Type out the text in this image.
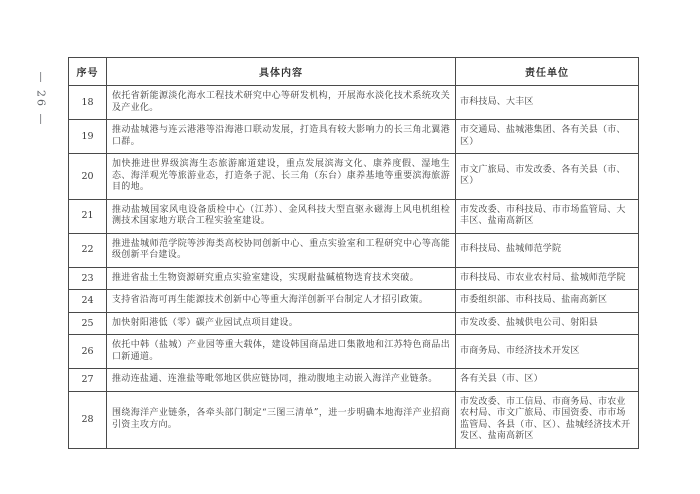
— 26 —	序号	具体内容	责任单位
18	依托省新能源淡化海水工程技术研究中心等研发机构，开展海水淡化技术系统攻关及产业化。	市科技局、大丰区
19	推动盐城港与连云港港等沿海港口联动发展，打造具有较大影响力的长三角北翼港口群。	市交通局、盐城港集团、各有关县（市、区）
20	加快推进世界级滨海生态旅游廊道建设，重点发展滨海文化、康养度假、湿地生态、海洋观光等旅游业态，打造条子泥、长三角（东台）康养基地等重要滨海旅游目的地。	市文广旅局、市发改委、各有关县（市、区）
21	推动盐城国家风电设备质检中心（江苏）、金风科技大型直驱永磁海上风电机组检测技术国家地方联合工程实验室建设。	市发改委、市科技局、市市场监管局、大丰区、盐南高新区
22	推进盐城师范学院等涉海类高校协同创新中心、重点实验室和工程研究中心等高能级创新平台建设。	市科技局、盐城师范学院
23	推进省盐土生物资源研究重点实验室建设，实现耐盐碱植物选育技术突破。	市科技局、市农业农村局、盐城师范学院
24	支持省沿海可再生能源技术创新中心等重大海洋创新平台制定人才招引政策。	市委组织部、市科技局、盐南高新区
25	加快射阳港低（零）碳产业园试点项目建设。	市发改委、盐城供电公司、射阳县
26	依托中韩（盐城）产业园等重大载体，建设韩国商品进口集散地和江苏特色商品出口新通道。	市商务局、市经济技术开发区
27	推动连盐通、连淮盐等毗邻地区供应链协同，推动腹地主动嵌入海洋产业链条。	各有关县（市、区）
28	围绕海洋产业链条，各牵头部门制定“三图三清单”，进一步明确本地海洋产业招商引资主攻方向。	市发改委、市工信局、市商务局、市农业农村局、市文广旅局、市国资委、市市场监管局、各县（市、区）、盐城经济技术开发区、盐南高新区
